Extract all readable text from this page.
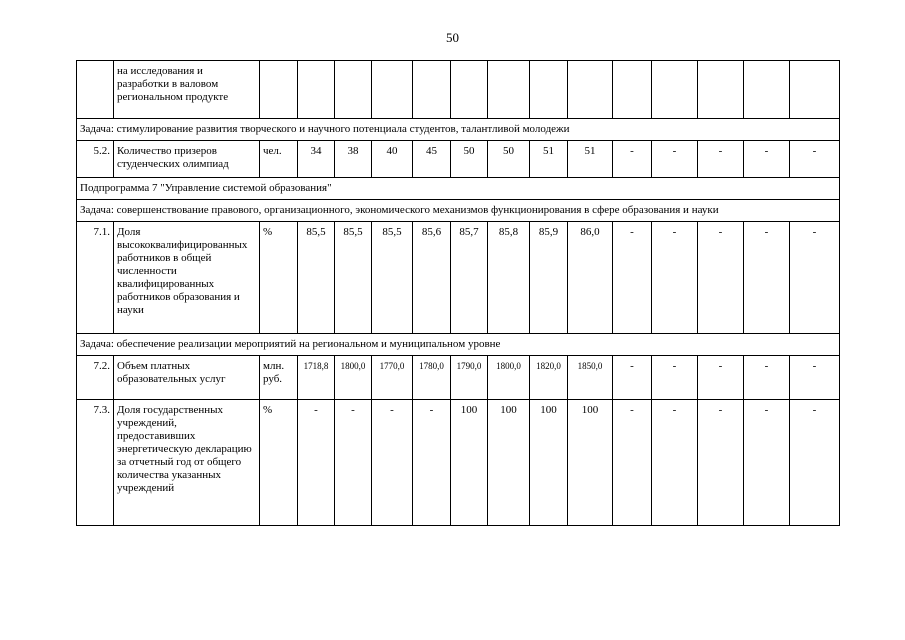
50
	на исследования и разработки в валовом региональном продукте														
Задача: стимулирование развития творческого и научного потенциала студентов, талантливой молодежи															
5.2.	Количество призеров студенческих олимпиад	чел.	34	38	40	45	50	50	51	51	-	-	-	-	-
Подпрограмма 7 "Управление системой образования"															
Задача: совершенствование правового, организационного, экономического механизмов функционирования в сфере образования и науки															
7.1.	Доля высококвалифицированных работников в общей численности квалифицированных работников образования и науки	%	85,5	85,5	85,5	85,6	85,7	85,8	85,9	86,0	-	-	-	-	-
Задача: обеспечение реализации мероприятий на региональном и муниципальном уровне															
7.2.	Объем платных образовательных услуг	млн. руб.	1718,8	1800,0	1770,0	1780,0	1790,0	1800,0	1820,0	1850,0	-	-	-	-	-
7.3.	Доля государственных учреждений, предоставивших энергетическую декларацию за отчетный год от общего количества указанных учреждений	%	-	-	-	-	100	100	100	100	-	-	-	-	-
